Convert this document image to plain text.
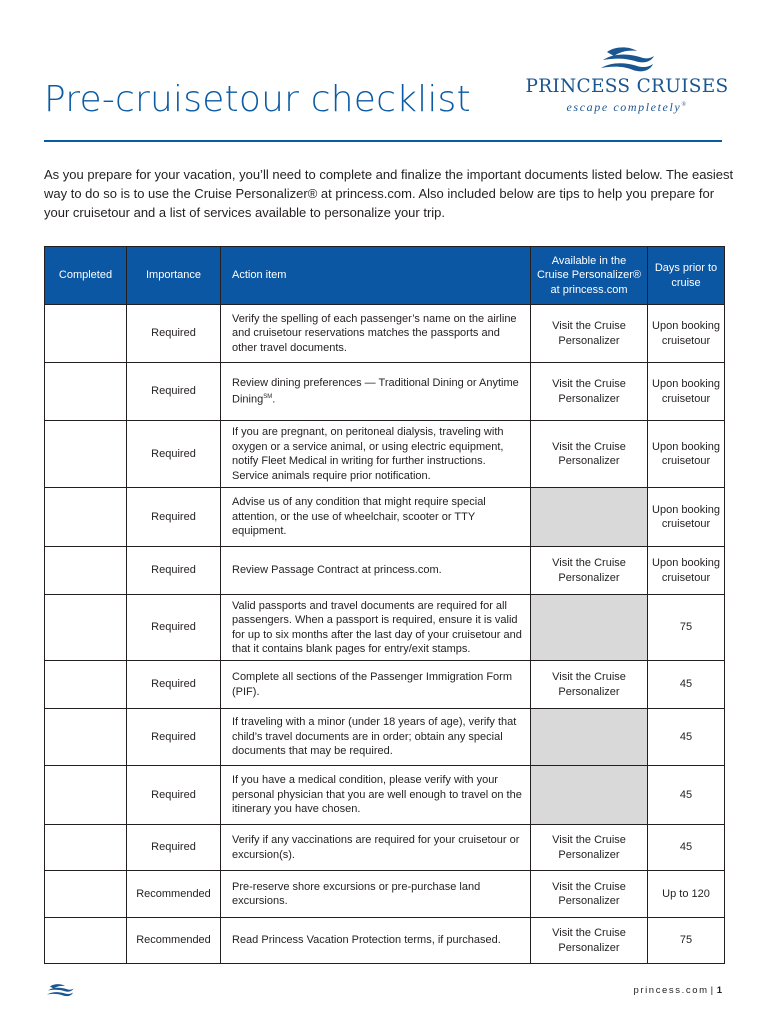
Pre-cruisetour checklist	PRINCESS CRUISES
escape completely®

As you prepare for your vacation, you’ll need to complete and finalize the important documents listed below. The easiest way to do so is to use the Cruise Personalizer® at princess.com. Also included below are tips to help you prepare for your cruisetour and a list of services available to personalize your trip.

Completed	Importance	Action item	Available in the Cruise Personalizer® at princess.com	Days prior to cruise
	Required	Verify the spelling of each passenger’s name on the airline and cruisetour reservations matches the passports and other travel documents.	Visit the Cruise Personalizer	Upon booking cruisetour
	Required	Review dining preferences — Traditional Dining or Anytime Dining℠.	Visit the Cruise Personalizer	Upon booking cruisetour
	Required	If you are pregnant, on peritoneal dialysis, traveling with oxygen or a service animal, or using electric equipment, notify Fleet Medical in writing for further instructions. Service animals require prior notification.	Visit the Cruise Personalizer	Upon booking cruisetour
	Required	Advise us of any condition that might require special attention, or the use of wheelchair, scooter or TTY equipment.		Upon booking cruisetour
	Required	Review Passage Contract at princess.com.	Visit the Cruise Personalizer	Upon booking cruisetour
	Required	Valid passports and travel documents are required for all passengers. When a passport is required, ensure it is valid for up to six months after the last day of your cruisetour and that it contains blank pages for entry/exit stamps.		75
	Required	Complete all sections of the Passenger Immigration Form (PIF).	Visit the Cruise Personalizer	45
	Required	If traveling with a minor (under 18 years of age), verify that child’s travel documents are in order; obtain any special documents that may be required.		45
	Required	If you have a medical condition, please verify with your personal physician that you are well enough to travel on the itinerary you have chosen.		45
	Required	Verify if any vaccinations are required for your cruisetour or excursion(s).	Visit the Cruise Personalizer	45
	Recommended	Pre-reserve shore excursions or pre-purchase land excursions.	Visit the Cruise Personalizer	Up to 120
	Recommended	Read Princess Vacation Protection terms, if purchased.	Visit the Cruise Personalizer	75
princess.com | 1
